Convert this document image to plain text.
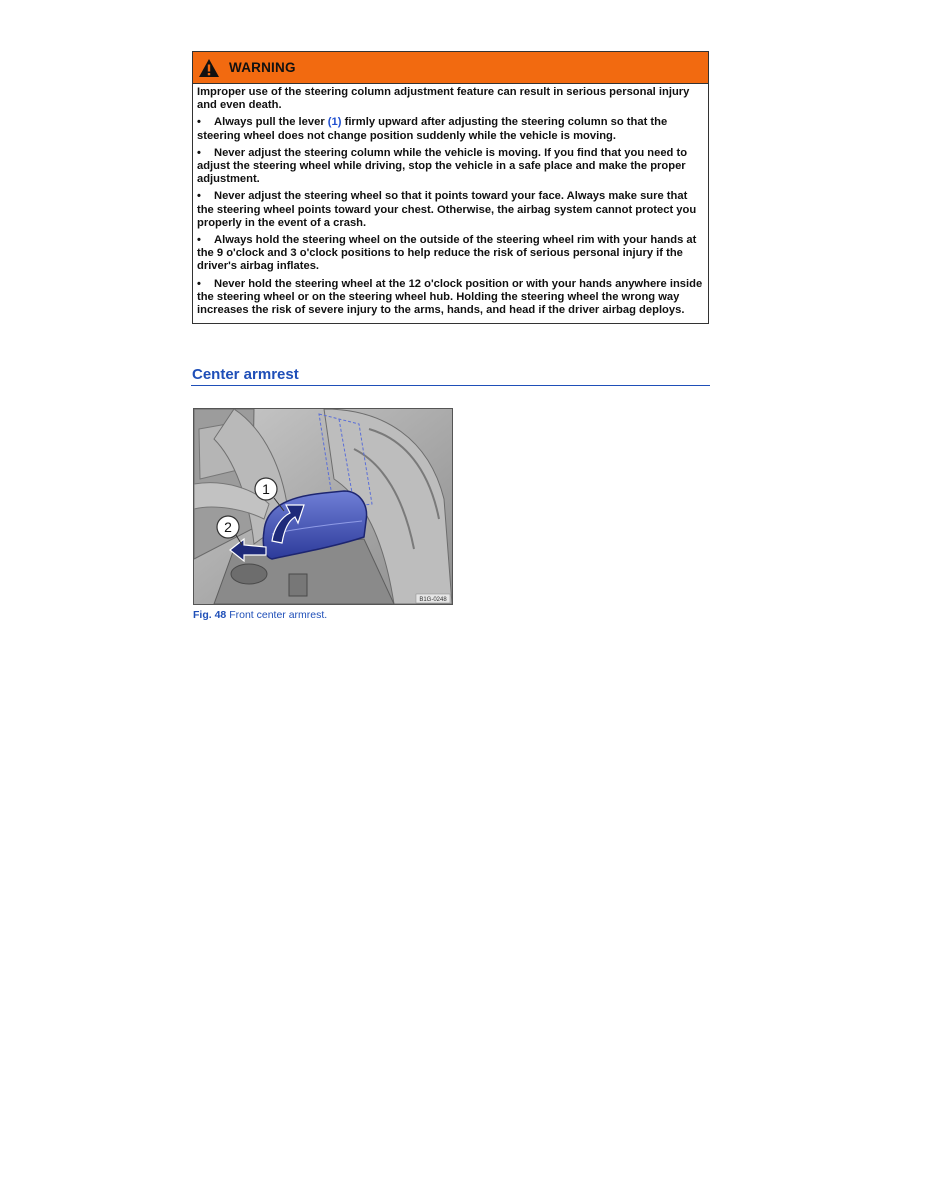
WARNING

Improper use of the steering column adjustment feature can result in serious personal injury and even death.

• Always pull the lever (1) firmly upward after adjusting the steering column so that the steering wheel does not change position suddenly while the vehicle is moving.

• Never adjust the steering column while the vehicle is moving. If you find that you need to adjust the steering wheel while driving, stop the vehicle in a safe place and make the proper adjustment.

• Never adjust the steering wheel so that it points toward your face. Always make sure that the steering wheel points toward your chest. Otherwise, the airbag system cannot protect you properly in the event of a crash.

• Always hold the steering wheel on the outside of the steering wheel rim with your hands at the 9 o'clock and 3 o'clock positions to help reduce the risk of serious personal injury if the driver's airbag inflates.

• Never hold the steering wheel at the 12 o'clock position or with your hands anywhere inside the steering wheel or on the steering wheel hub. Holding the steering wheel the wrong way increases the risk of severe injury to the arms, hands, and head if the driver airbag deploys.

Center armrest
1
2
B1G-0248
Fig. 48 Front center armrest.
